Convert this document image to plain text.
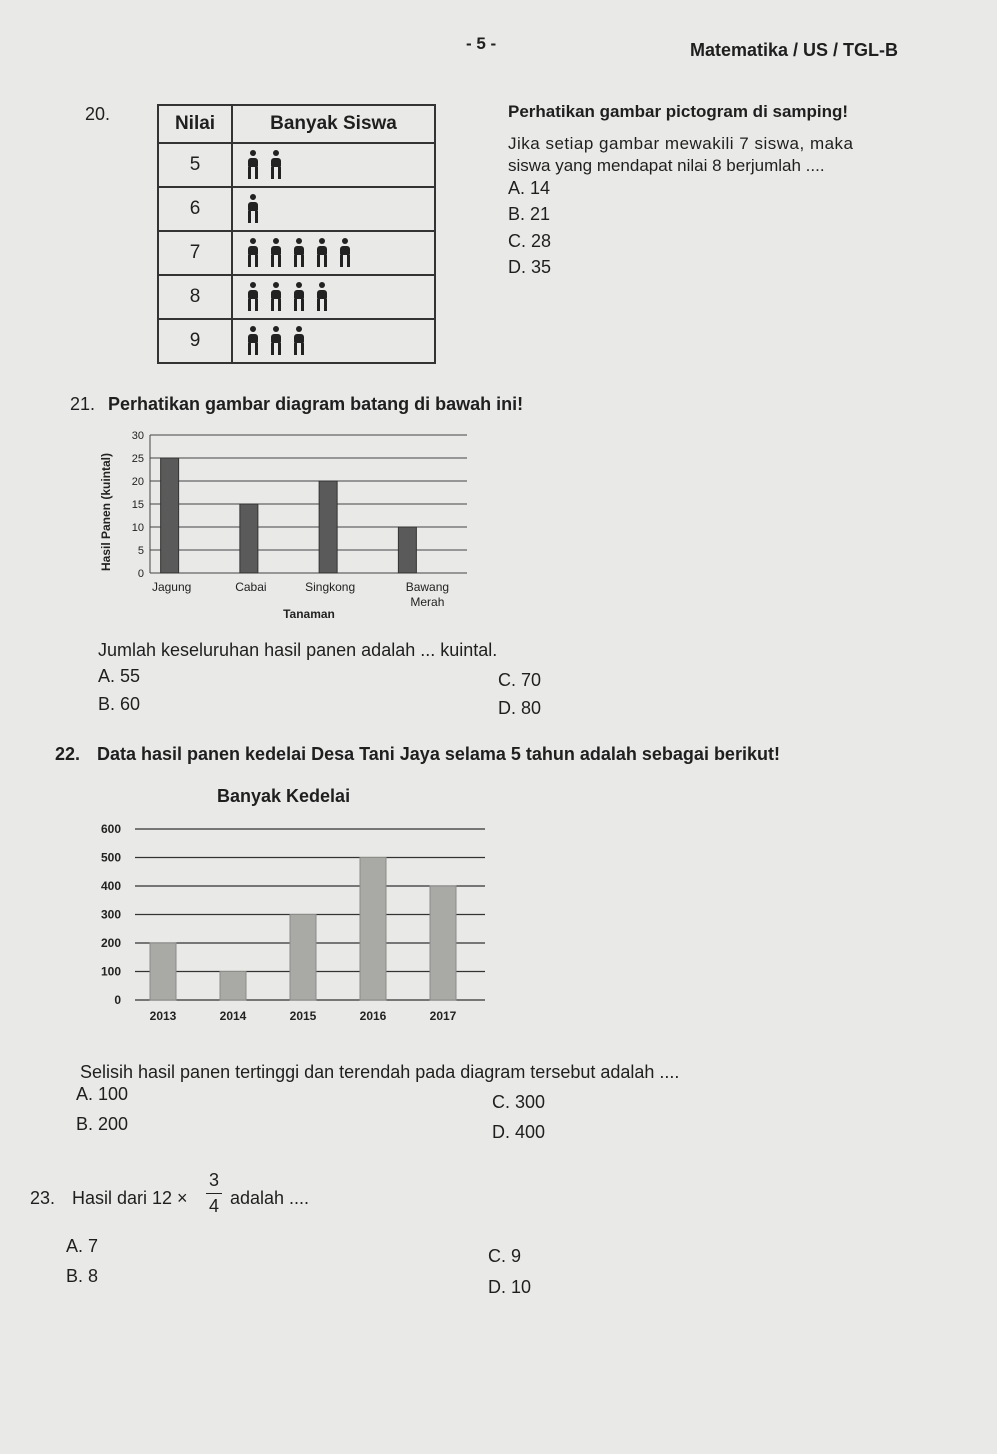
- 5 -	Matematika / US / TGL-B
20.	Nilai	Banyak Siswa
5	

6	

7	

8	

9	
Perhatikan gambar pictogram di samping!
Jika setiap gambar mewakili 7 siswa, maka
siswa yang mendapat nilai 8 berjumlah ....
A. 14
B. 21
C. 28
D. 35
21. Perhatikan gambar diagram batang di bawah ini!
0
5
10
15
20
25
30
Jagung	Cabai	Singkong	Bawang
Merah
Hasil Panen (kuintal)
Tanaman
Jumlah keseluruhan hasil panen adalah ... kuintal.
A. 55
B. 60
C. 70
D. 80
22. Data hasil panen kedelai Desa Tani Jaya selama 5 tahun adalah sebagai berikut!
Banyak Kedelai
0
100
200
300
400
500
600
2013	2014	2015	2016	2017
Selisih hasil panen tertinggi dan terendah pada diagram tersebut adalah ....
A. 100
B. 200
C. 300
D. 400
23. Hasil dari 12 ×
3
4 adalah ....
A. 7
B. 8
C. 9
D. 10
